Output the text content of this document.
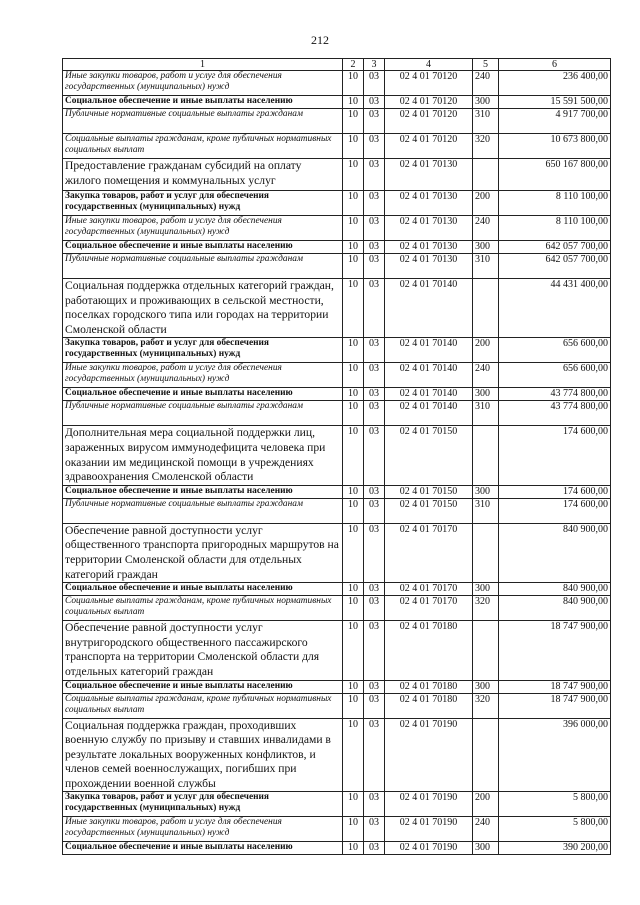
212
1	2	3	4	5	6
Иные закупки товаров, работ и услуг для обеспечения государственных (муниципальных) нужд	10	03	02 4 01 70120	240	236 400,00
Социальное обеспечение и иные выплаты населению	10	03	02 4 01 70120	300	15 591 500,00
Публичные нормативные социальные выплаты гражданам	10	03	02 4 01 70120	310	4 917 700,00
Социальные выплаты гражданам, кроме публичных нормативных социальных выплат	10	03	02 4 01 70120	320	10 673 800,00
Предоставление гражданам субсидий на оплату жилого помещения и коммунальных услуг	10	03	02 4 01 70130		650 167 800,00
Закупка товаров, работ и услуг для обеспечения государственных (муниципальных) нужд	10	03	02 4 01 70130	200	8 110 100,00
Иные закупки товаров, работ и услуг для обеспечения государственных (муниципальных) нужд	10	03	02 4 01 70130	240	8 110 100,00
Социальное обеспечение и иные выплаты населению	10	03	02 4 01 70130	300	642 057 700,00
Публичные нормативные социальные выплаты гражданам	10	03	02 4 01 70130	310	642 057 700,00
Социальная поддержка отдельных категорий граждан, работающих и проживающих в сельской местности, поселках городского типа или городах на территории Смоленской области	10	03	02 4 01 70140		44 431 400,00
Закупка товаров, работ и услуг для обеспечения государственных (муниципальных) нужд	10	03	02 4 01 70140	200	656 600,00
Иные закупки товаров, работ и услуг для обеспечения государственных (муниципальных) нужд	10	03	02 4 01 70140	240	656 600,00
Социальное обеспечение и иные выплаты населению	10	03	02 4 01 70140	300	43 774 800,00
Публичные нормативные социальные выплаты гражданам	10	03	02 4 01 70140	310	43 774 800,00
Дополнительная мера социальной поддержки лиц, зараженных вирусом иммунодефицита человека при оказании им медицинской помощи в учреждениях здравоохранения Смоленской области	10	03	02 4 01 70150		174 600,00
Социальное обеспечение и иные выплаты населению	10	03	02 4 01 70150	300	174 600,00
Публичные нормативные социальные выплаты гражданам	10	03	02 4 01 70150	310	174 600,00
Обеспечение равной доступности услуг общественного транспорта пригородных маршрутов на территории Смоленской области для отдельных категорий граждан	10	03	02 4 01 70170		840 900,00
Социальное обеспечение и иные выплаты населению	10	03	02 4 01 70170	300	840 900,00
Социальные выплаты гражданам, кроме публичных нормативных социальных выплат	10	03	02 4 01 70170	320	840 900,00
Обеспечение равной доступности услуг внутригородского общественного пассажирского транспорта на территории Смоленской области для отдельных категорий граждан	10	03	02 4 01 70180		18 747 900,00
Социальное обеспечение и иные выплаты населению	10	03	02 4 01 70180	300	18 747 900,00
Социальные выплаты гражданам, кроме публичных нормативных социальных выплат	10	03	02 4 01 70180	320	18 747 900,00
Социальная поддержка граждан, проходивших военную службу по призыву и ставших инвалидами в результате локальных вооруженных конфликтов, и членов семей военнослужащих, погибших при прохождении военной службы	10	03	02 4 01 70190		396 000,00
Закупка товаров, работ и услуг для обеспечения государственных (муниципальных) нужд	10	03	02 4 01 70190	200	5 800,00
Иные закупки товаров, работ и услуг для обеспечения государственных (муниципальных) нужд	10	03	02 4 01 70190	240	5 800,00
Социальное обеспечение и иные выплаты населению	10	03	02 4 01 70190	300	390 200,00
